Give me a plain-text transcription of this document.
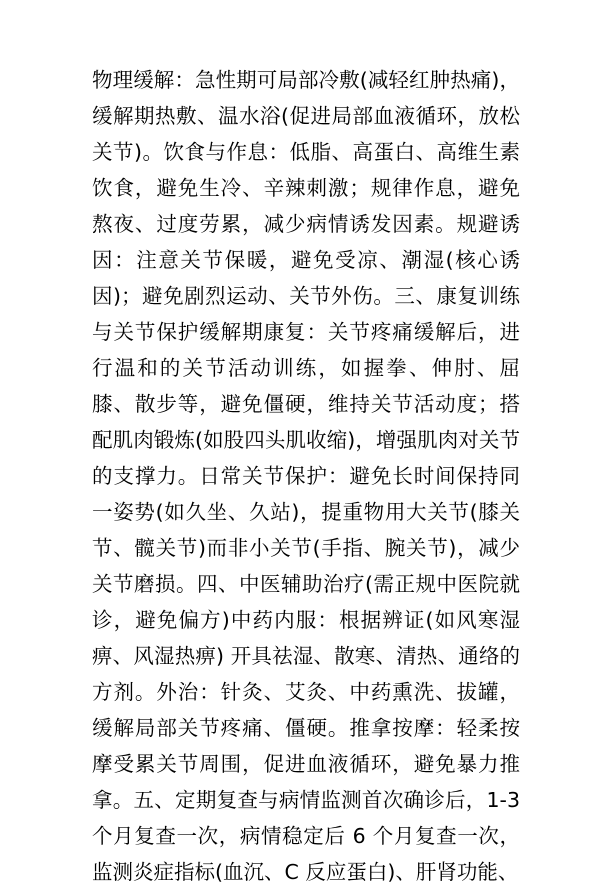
物理缓解：急性期可局部冷敷(减轻红肿热痛)，缓解期热敷、温水浴(促进局部血液循环，放松关节)。饮食与作息：低脂、高蛋白、高维生素饮食，避免生冷、辛辣刺激；规律作息，避免熬夜、过度劳累，减少病情诱发因素。规避诱因：注意关节保暖，避免受凉、潮湿(核心诱因)；避免剧烈运动、关节外伤。三、康复训练与关节保护缓解期康复：关节疼痛缓解后，进行温和的关节活动训练，如握拳、伸肘、屈膝、散步等，避免僵硬，维持关节活动度；搭配肌肉锻炼(如股四头肌收缩)，增强肌肉对关节的支撑力。日常关节保护：避免长时间保持同一姿势(如久坐、久站)，提重物用大关节(膝关节、髋关节)而非小关节(手指、腕关节)，减少关节磨损。四、中医辅助治疗(需正规中医院就诊，避免偏方)中药内服：根据辨证(如风寒湿痹、风湿热痹) 开具祛湿、散寒、清热、通络的方剂。外治：针灸、艾灸、中药熏洗、拔罐，缓解局部关节疼痛、僵硬。推拿按摩：轻柔按摩受累关节周围，促进血液循环，避免暴力推拿。五、定期复查与病情监测首次确诊后，1-3 个月复查一次，病情稳定后 6 个月复查一次，监测炎症指标(血沉、C 反应蛋白)、肝肾功能、
